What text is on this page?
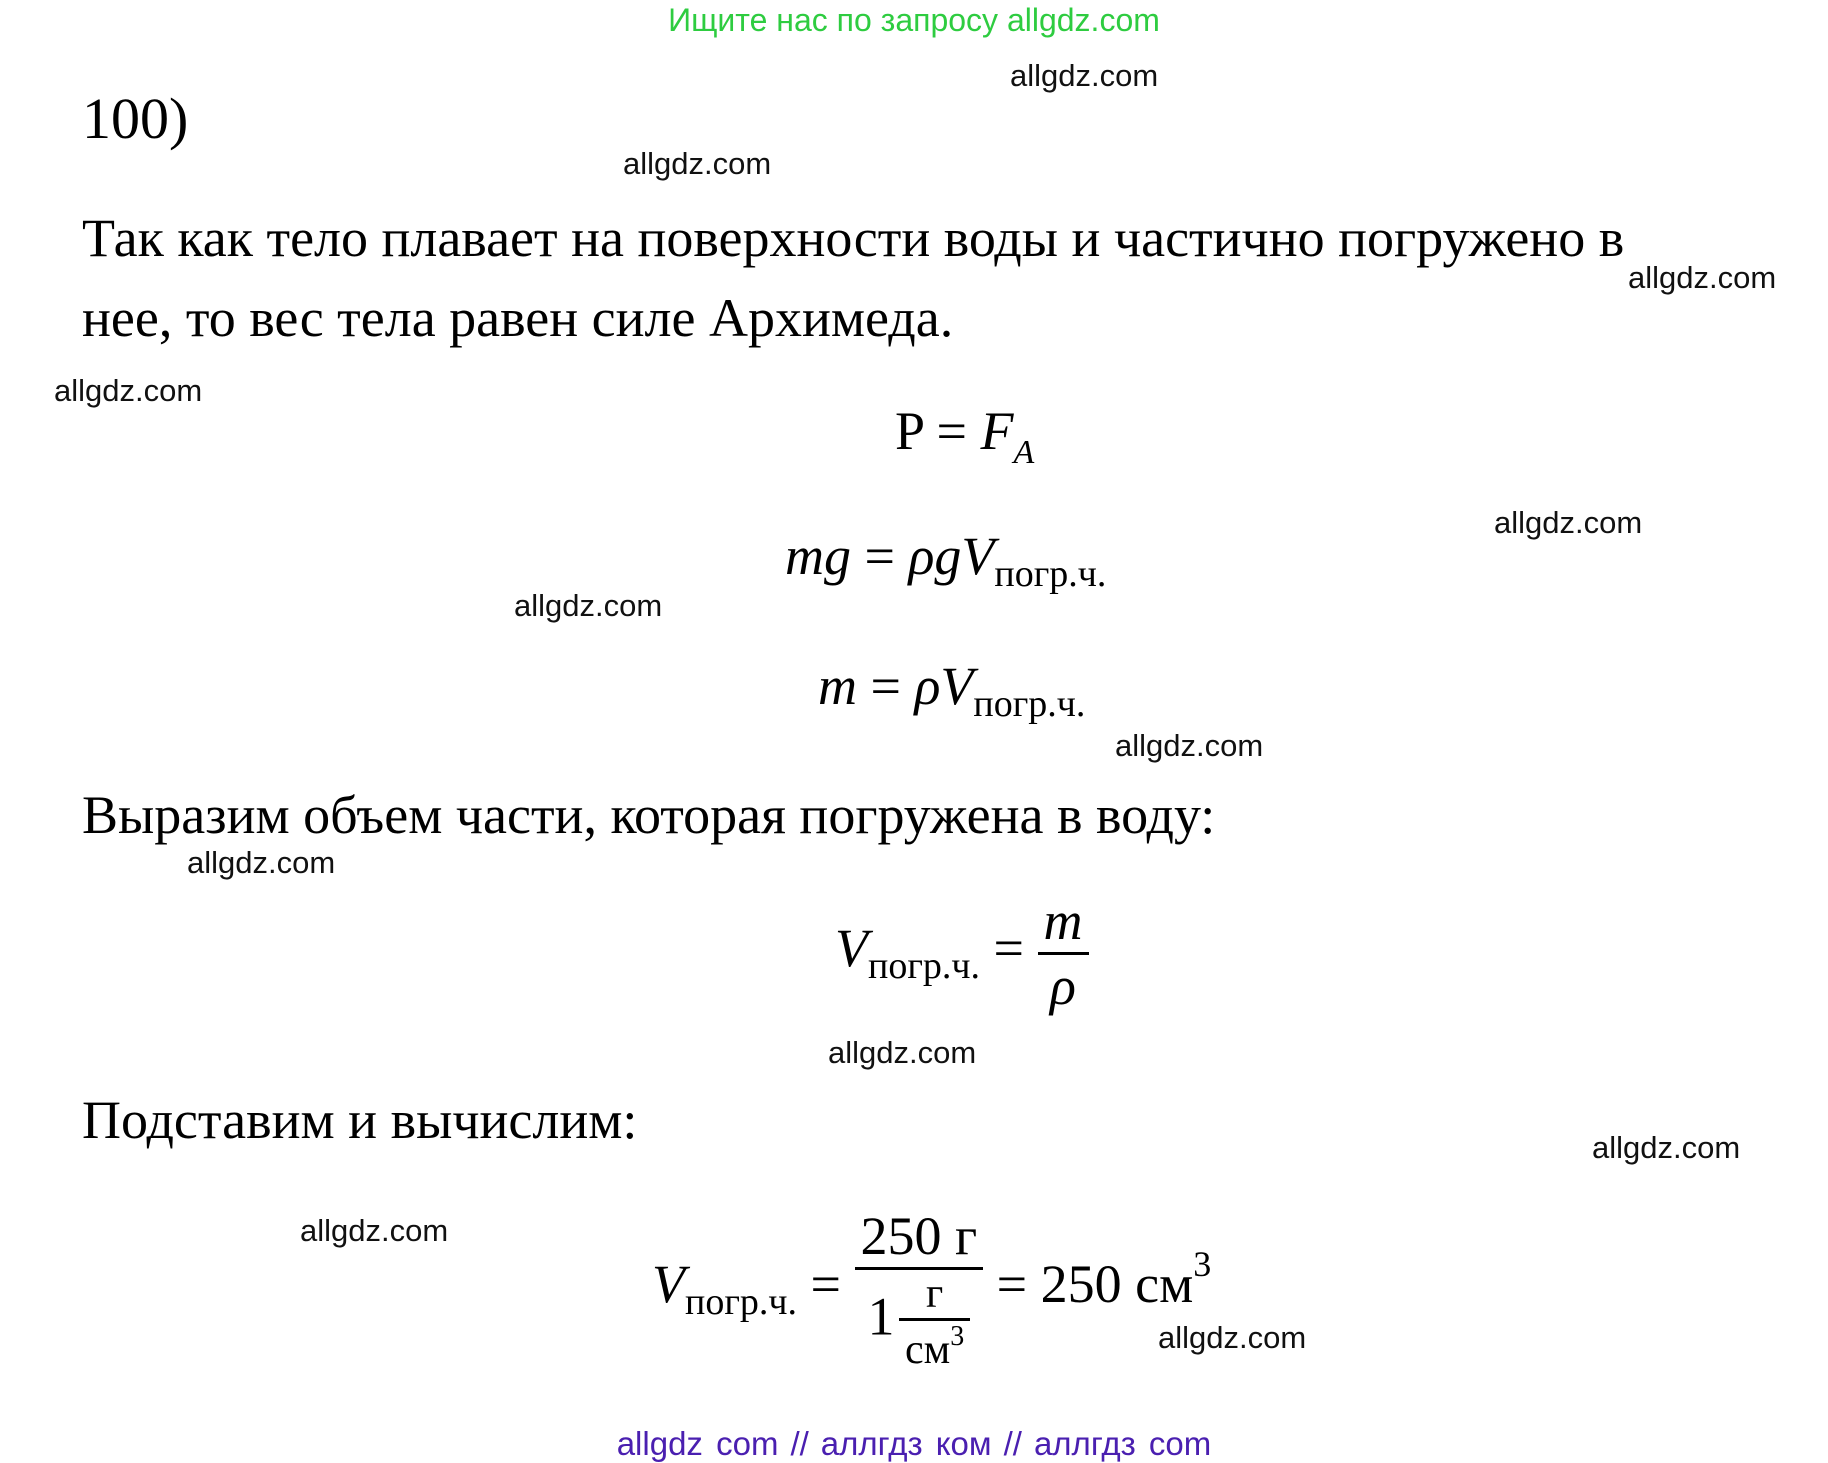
Ищите нас по запросу allgdz.com
allgdz.com
100)
allgdz.com
Так как тело плавает на поверхности воды и частично погружено в
allgdz.com
нее, то вес тела равен силе Архимеда.
allgdz.com
$P = F_A$
allgdz.com
mg = ρgV$_{погр.ч.}$
allgdz.com
$m = \rho V_{погр.ч.}$
allgdz.com
Выразим объем части, которая погружена в воду:
allgdz.com
$V_{погр.ч.} = \frac{m}{\rho}$
allgdz.com
Подставим и вычислим:	allgdz.com
allgdz.com
$V_{погр.ч.} = \frac{250 г}{1 \frac{г}{см^3}} = 250$ $см^3$
allgdz.com
allgdz com // аллгдз ком // аллгдз com
